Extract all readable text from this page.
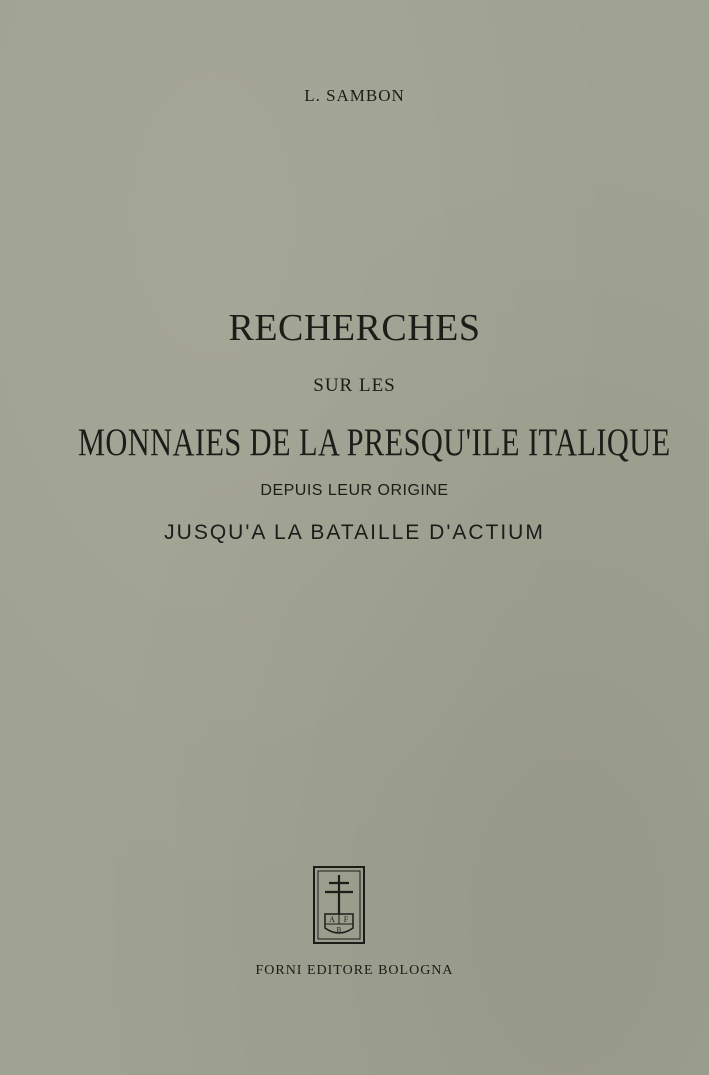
L. SAMBON
RECHERCHES
SUR LES
MONNAIES DE LA PRESQU'ILE ITALIQUE
DEPUIS LEUR ORIGINE
JUSQU'A LA BATAILLE D'ACTIUM
A F
B
FORNI EDITORE BOLOGNA
